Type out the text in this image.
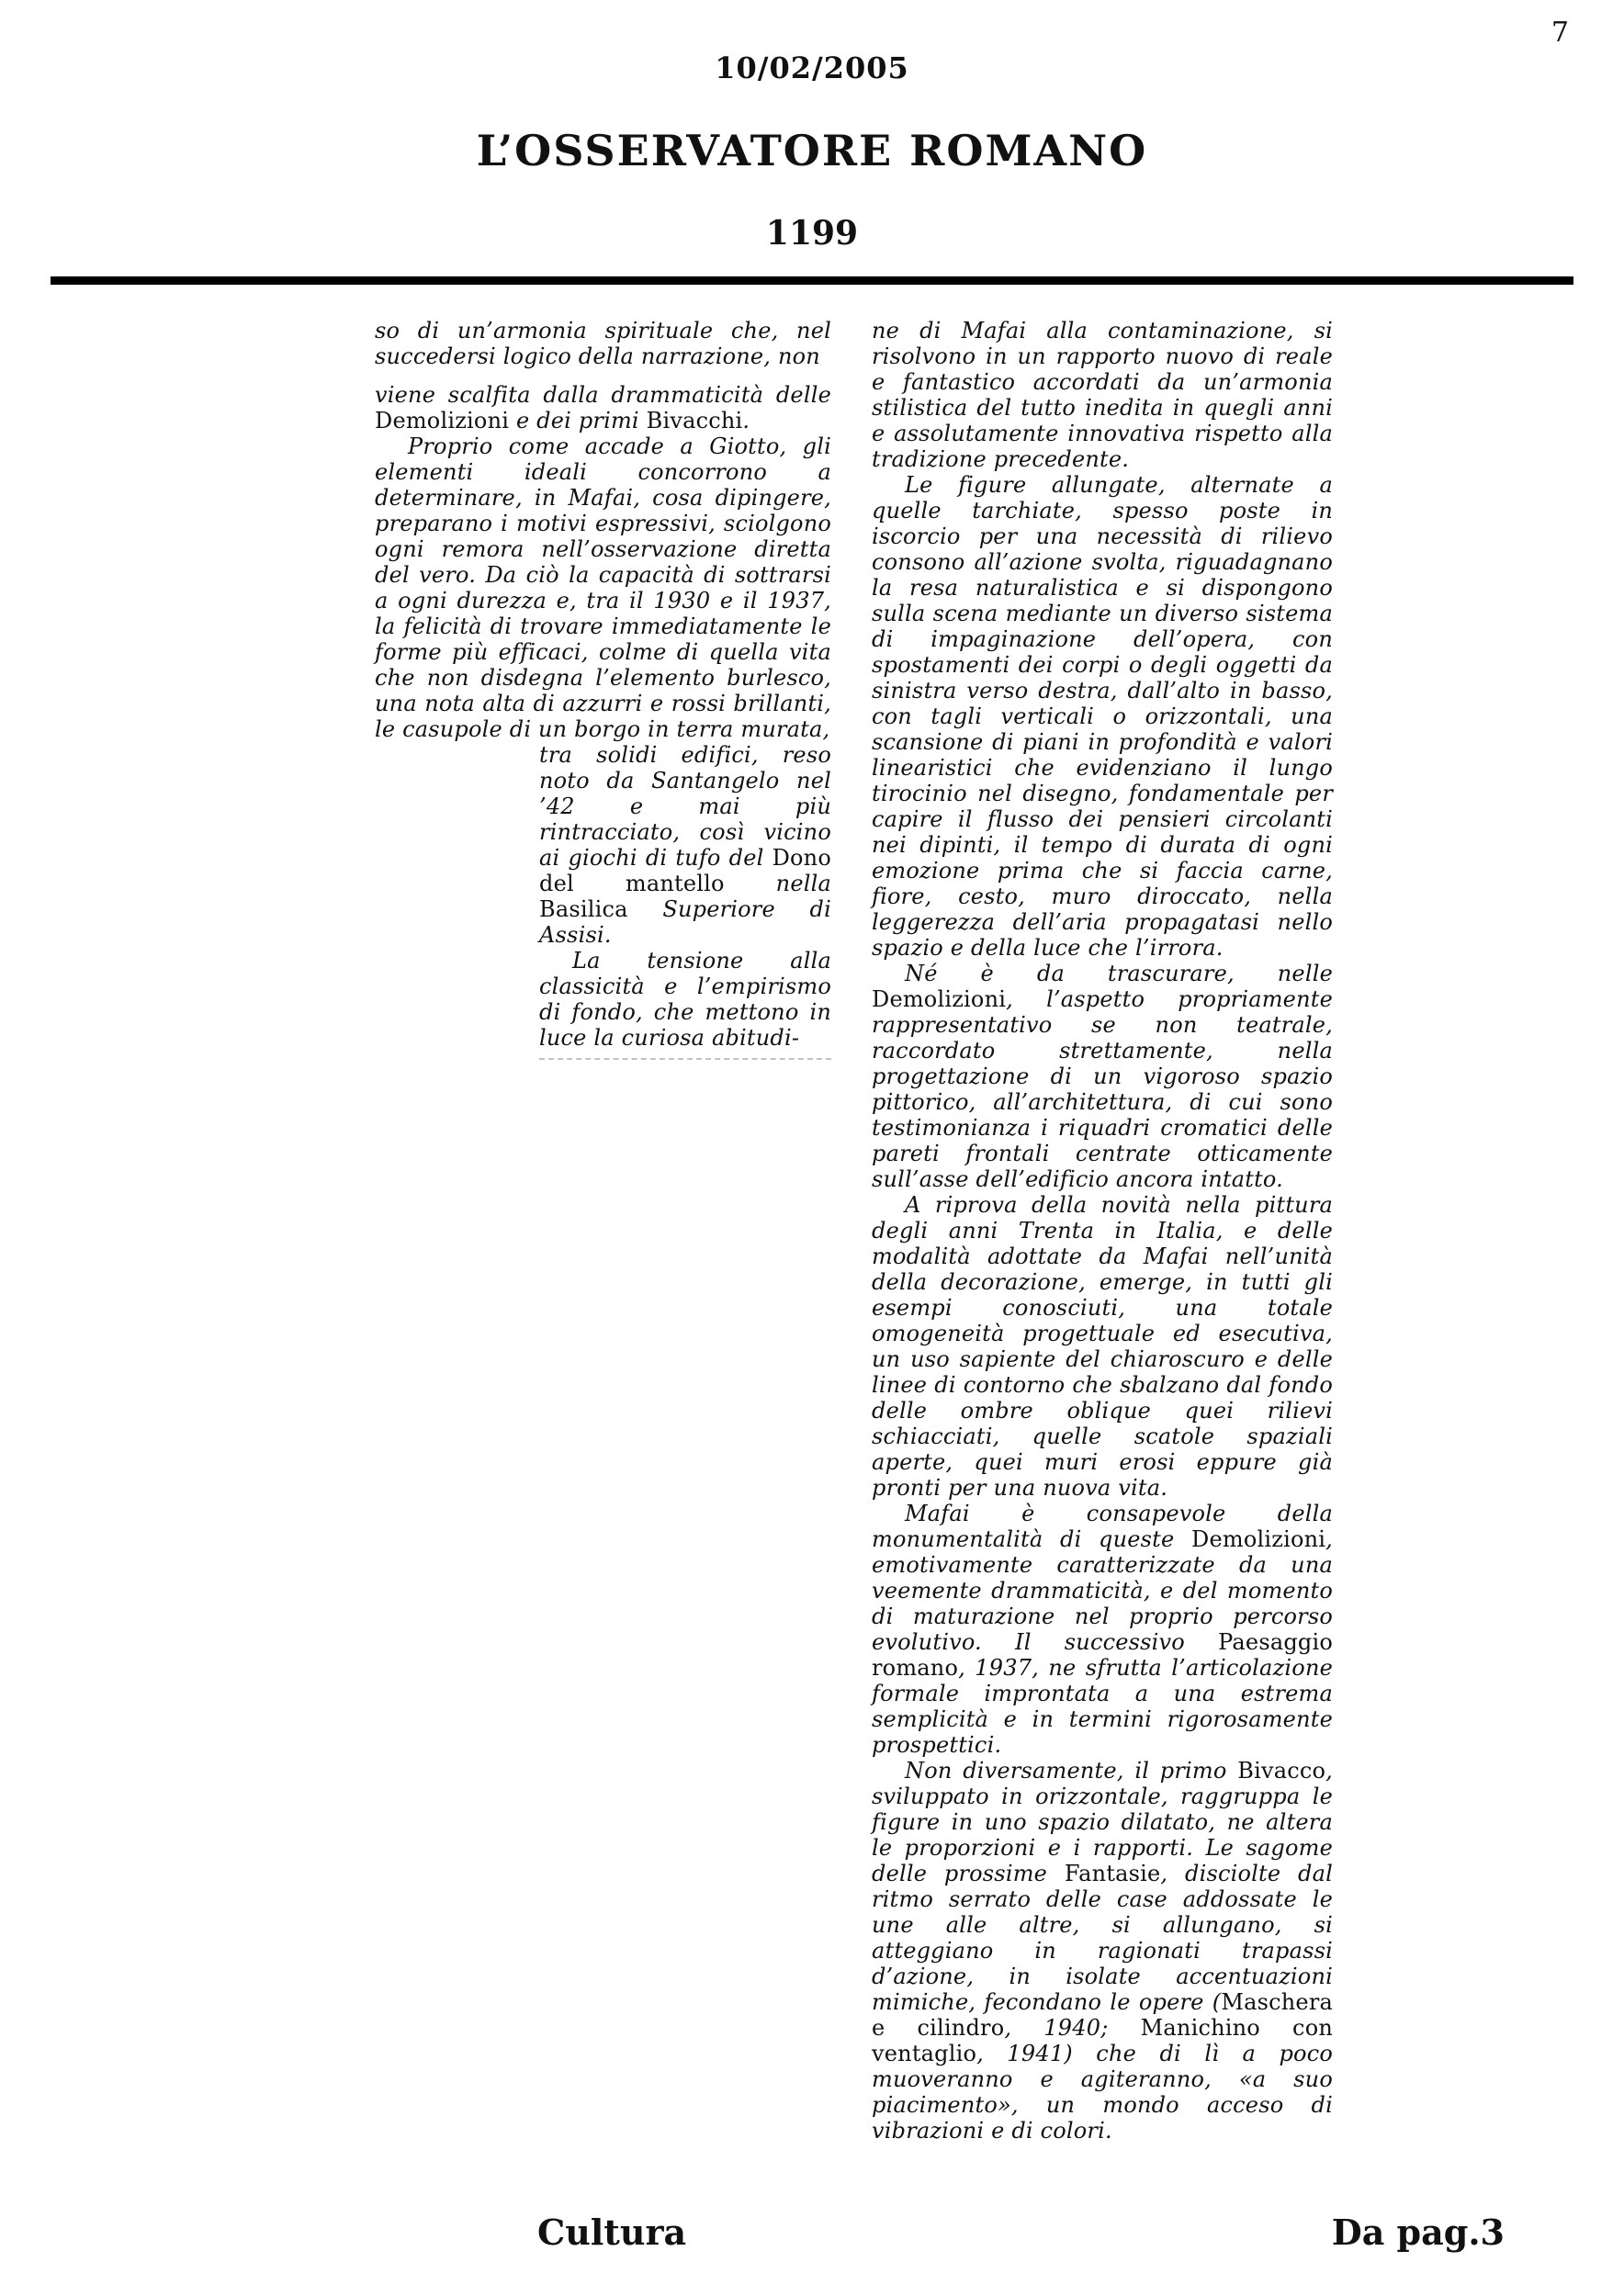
7
10/02/2005
L’OSSERVATORE ROMANO
1199

so di un’armonia spirituale che, nel succedersi logico della narrazione, non

viene scalfita dalla drammaticità delle Demolizioni e dei primi Bivacchi.

Proprio come accade a Giotto, gli elementi ideali concorrono a determinare, in Mafai, cosa dipingere, preparano i motivi espressivi, sciolgono ogni remora nell’osservazione diretta del vero. Da ciò la capacità di sottrarsi a ogni durezza e, tra il 1930 e il 1937, la felicità di trovare immediatamente le forme più efficaci, colme di quella vita che non disdegna l’elemento burlesco, una nota alta di azzurri e rossi brillanti, le casupole di un borgo in terra murata,

tra solidi edifici, reso noto da Santangelo nel ’42 e mai più rintracciato, così vicino ai giochi di tufo del Dono del mantello nella Basilica Superiore di Assisi.

La tensione alla classicità e l’empirismo di fondo, che mettono in luce la curiosa abitudi-

ne di Mafai alla contaminazione, si risolvono in un rapporto nuovo di reale e fantastico accordati da un’armonia stilistica del tutto inedita in quegli anni e assolutamente innovativa rispetto alla tradizione precedente.

Le figure allungate, alternate a quelle tarchiate, spesso poste in iscorcio per una necessità di rilievo consono all’azione svolta, riguadagnano la resa naturalistica e si dispongono sulla scena mediante un diverso sistema di impaginazione dell’opera, con spostamenti dei corpi o degli oggetti da sinistra verso destra, dall’alto in basso, con tagli verticali o orizzontali, una scansione di piani in profondità e valori linearistici che evidenziano il lungo tirocinio nel disegno, fondamentale per capire il flusso dei pensieri circolanti nei dipinti, il tempo di durata di ogni emozione prima che si faccia carne, fiore, cesto, muro diroccato, nella leggerezza dell’aria propagatasi nello spazio e della luce che l’irrora.

Né è da trascurare, nelle Demolizioni, l’aspetto propriamente rappresentativo se non teatrale, raccordato strettamente, nella progettazione di un vigoroso spazio pittorico, all’architettura, di cui sono testimonianza i riquadri cromatici delle pareti frontali centrate otticamente sull’asse dell’edificio ancora intatto.

A riprova della novità nella pittura degli anni Trenta in Italia, e delle modalità adottate da Mafai nell’unità della decorazione, emerge, in tutti gli esempi conosciuti, una totale omogeneità progettuale ed esecutiva, un uso sapiente del chiaroscuro e delle linee di contorno che sbalzano dal fondo delle ombre oblique quei rilievi schiacciati, quelle scatole spaziali aperte, quei muri erosi eppure già pronti per una nuova vita.

Mafai è consapevole della monumentalità di queste Demolizioni, emotivamente caratterizzate da una veemente drammaticità, e del momento di maturazione nel proprio percorso evolutivo. Il successivo Paesaggio romano, 1937, ne sfrutta l’articolazione formale improntata a una estrema semplicità e in termini rigorosamente prospettici.

Non diversamente, il primo Bivacco, sviluppato in orizzontale, raggruppa le figure in uno spazio dilatato, ne altera le proporzioni e i rapporti. Le sagome delle prossime Fantasie, disciolte dal ritmo serrato delle case addossate le une alle altre, si allungano, si atteggiano in ragionati trapassi d’azione, in isolate accentuazioni mimiche, fecondano le opere (Maschera e cilindro, 1940; Manichino con ventaglio, 1941) che di lì a poco muoveranno e agiteranno, «a suo piacimento», un mondo acceso di vibrazioni e di colori.

Cultura	Da pag.3
